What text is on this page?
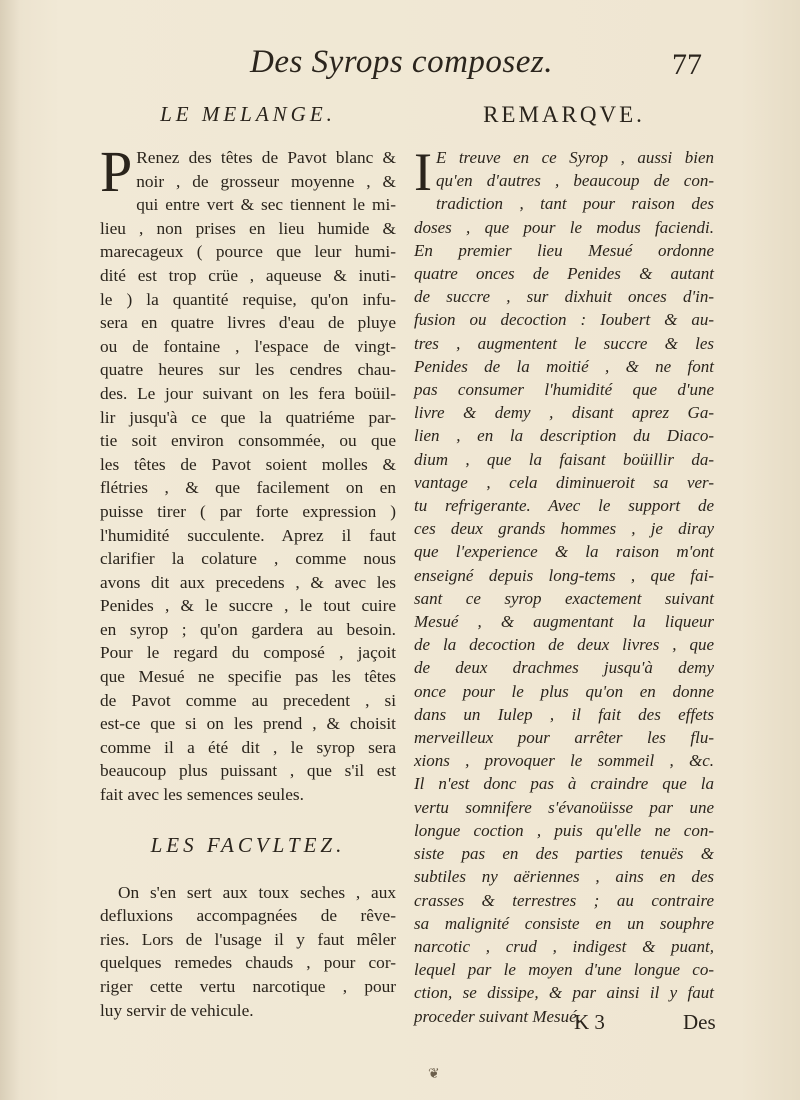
Des Syrops composez.	77
LE MELANGE.
P Renez des têtes de Pavot blanc &
noir , de grosseur moyenne , &
qui entre vert & sec tiennent le mi-
lieu , non prises en lieu humide &
marecageux ( pource que leur humi-
dité est trop crüe , aqueuse & inuti-
le ) la quantité requise, qu'on infu-
sera en quatre livres d'eau de pluye
ou de fontaine , l'espace de vingt-
quatre heures sur les cendres chau-
des. Le jour suivant on les fera boüil-
lir jusqu'à ce que la quatriéme par-
tie soit environ consommée, ou que
les têtes de Pavot soient molles &
flétries , & que facilement on en
puisse tirer ( par forte expression )
l'humidité succulente. Aprez il faut
clarifier la colature , comme nous
avons dit aux precedens , & avec les
Penides , & le succre , le tout cuire
en syrop ; qu'on gardera au besoin.
Pour le regard du composé , jaçoit
que Mesué ne specifie pas les têtes
de Pavot comme au precedent , si
est-ce que si on les prend , & choisit
comme il a été dit , le syrop sera
beaucoup plus puissant , que s'il est
fait avec les semences seules.
LES FACVLTEZ.
On s'en sert aux toux seches , aux
defluxions accompagnées de rêve-
ries. Lors de l'usage il y faut mêler
quelques remedes chauds , pour cor-
riger cette vertu narcotique , pour
luy servir de vehicule.
REMARQVE.
I E treuve en ce Syrop , aussi bien
qu'en d'autres , beaucoup de con-
tradiction , tant pour raison des
doses , que pour le modus faciendi.
En premier lieu Mesué ordonne
quatre onces de Penides & autant
de succre , sur dixhuit onces d'in-
fusion ou decoction : Ioubert & au-
tres , augmentent le succre & les
Penides de la moitié , & ne font
pas consumer l'humidité que d'une
livre & demy , disant aprez Ga-
lien , en la description du Diaco-
dium , que la faisant boüillir da-
vantage , cela diminueroit sa ver-
tu refrigerante. Avec le support de
ces deux grands hommes , je diray
que l'experience & la raison m'ont
enseigné depuis long-tems , que fai-
sant ce syrop exactement suivant
Mesué , & augmentant la liqueur
de la decoction de deux livres , que
de deux drachmes jusqu'à demy
once pour le plus qu'on en donne
dans un Iulep , il fait des effets
merveilleux pour arrêter les flu-
xions , provoquer le sommeil , &c.
Il n'est donc pas à craindre que la
vertu somnifere s'évanoüisse par une
longue coction , puis qu'elle ne con-
siste pas en des parties tenuës &
subtiles ny aëriennes , ains en des
crasses & terrestres ; au contraire
sa malignité consiste en un souphre
narcotic , crud , indigest & puant,
lequel par le moyen d'une longue co-
ction, se dissipe, & par ainsi il y faut
proceder suivant Mesué.
K 3	Des
❦
